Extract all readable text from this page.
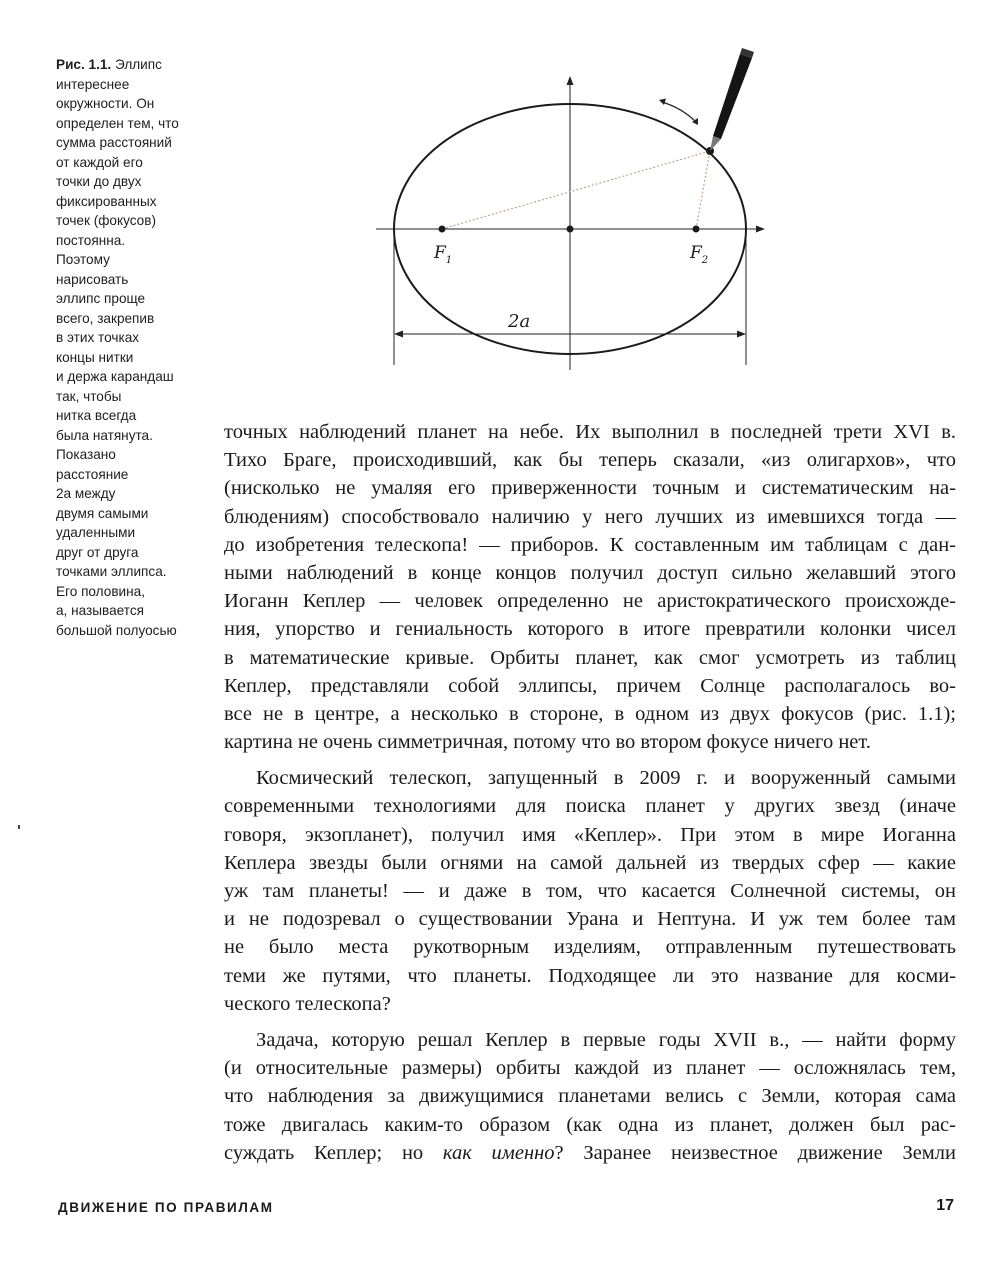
Рис. 1.1. Эллипс
интереснее
окружности. Он
определен тем, что
сумма расстояний
от каждой его
точки до двух
фиксированных
точек (фокусов)
постоянна.
Поэтому
нарисовать
эллипс проще
всего, закрепив
в этих точках
концы нитки
и держа карандаш
так, чтобы
нитка всегда
была натянута.
Показано
расстояние
2a между
двумя самыми
удаленными
друг от друга
точками эллипса.
Его половина,
a, называется
большой полуосью
$F_1$	$F_2$
2a
точных наблюдений планет на небе. Их выполнил в последней трети XVI в.
Тихо Браге, происходивший, как бы теперь сказали, «из олигархов», что
(нисколько не умаляя его приверженности точным и систематическим на-
блюдениям) способствовало наличию у него лучших из имевшихся тогда —
до изобретения телескопа! — приборов. К составленным им таблицам с дан-
ными наблюдений в конце концов получил доступ сильно желавший этого
Иоганн Кеплер — человек определенно не аристократического происхожде-
ния, упорство и гениальность которого в итоге превратили колонки чисел
в математические кривые. Орбиты планет, как смог усмотреть из таблиц
Кеплер, представляли собой эллипсы, причем Солнце располагалось во-
все не в центре, а несколько в стороне, в одном из двух фокусов (рис. 1.1);
картина не очень симметричная, потому что во втором фокусе ничего нет.
Космический телескоп, запущенный в 2009 г. и вооруженный самыми
современными технологиями для поиска планет у других звезд (иначе
говоря, экзопланет), получил имя «Кеплер». При этом в мире Иоганна
Кеплера звезды были огнями на самой дальней из твердых сфер — какие
уж там планеты! — и даже в том, что касается Солнечной системы, он
и не подозревал о существовании Урана и Нептуна. И уж тем более там
не было места рукотворным изделиям, отправленным путешествовать
теми же путями, что планеты. Подходящее ли это название для косми-
ческого телескопа?
Задача, которую решал Кеплер в первые годы XVII в., — найти форму
(и относительные размеры) орбиты каждой из планет — осложнялась тем,
что наблюдения за движущимися планетами велись с Земли, которая сама
тоже двигалась каким-то образом (как одна из планет, должен был рас-
суждать Кеплер; но как именно? Заранее неизвестное движение Земли
ДВИЖЕНИЕ ПО ПРАВИЛАМ	17
